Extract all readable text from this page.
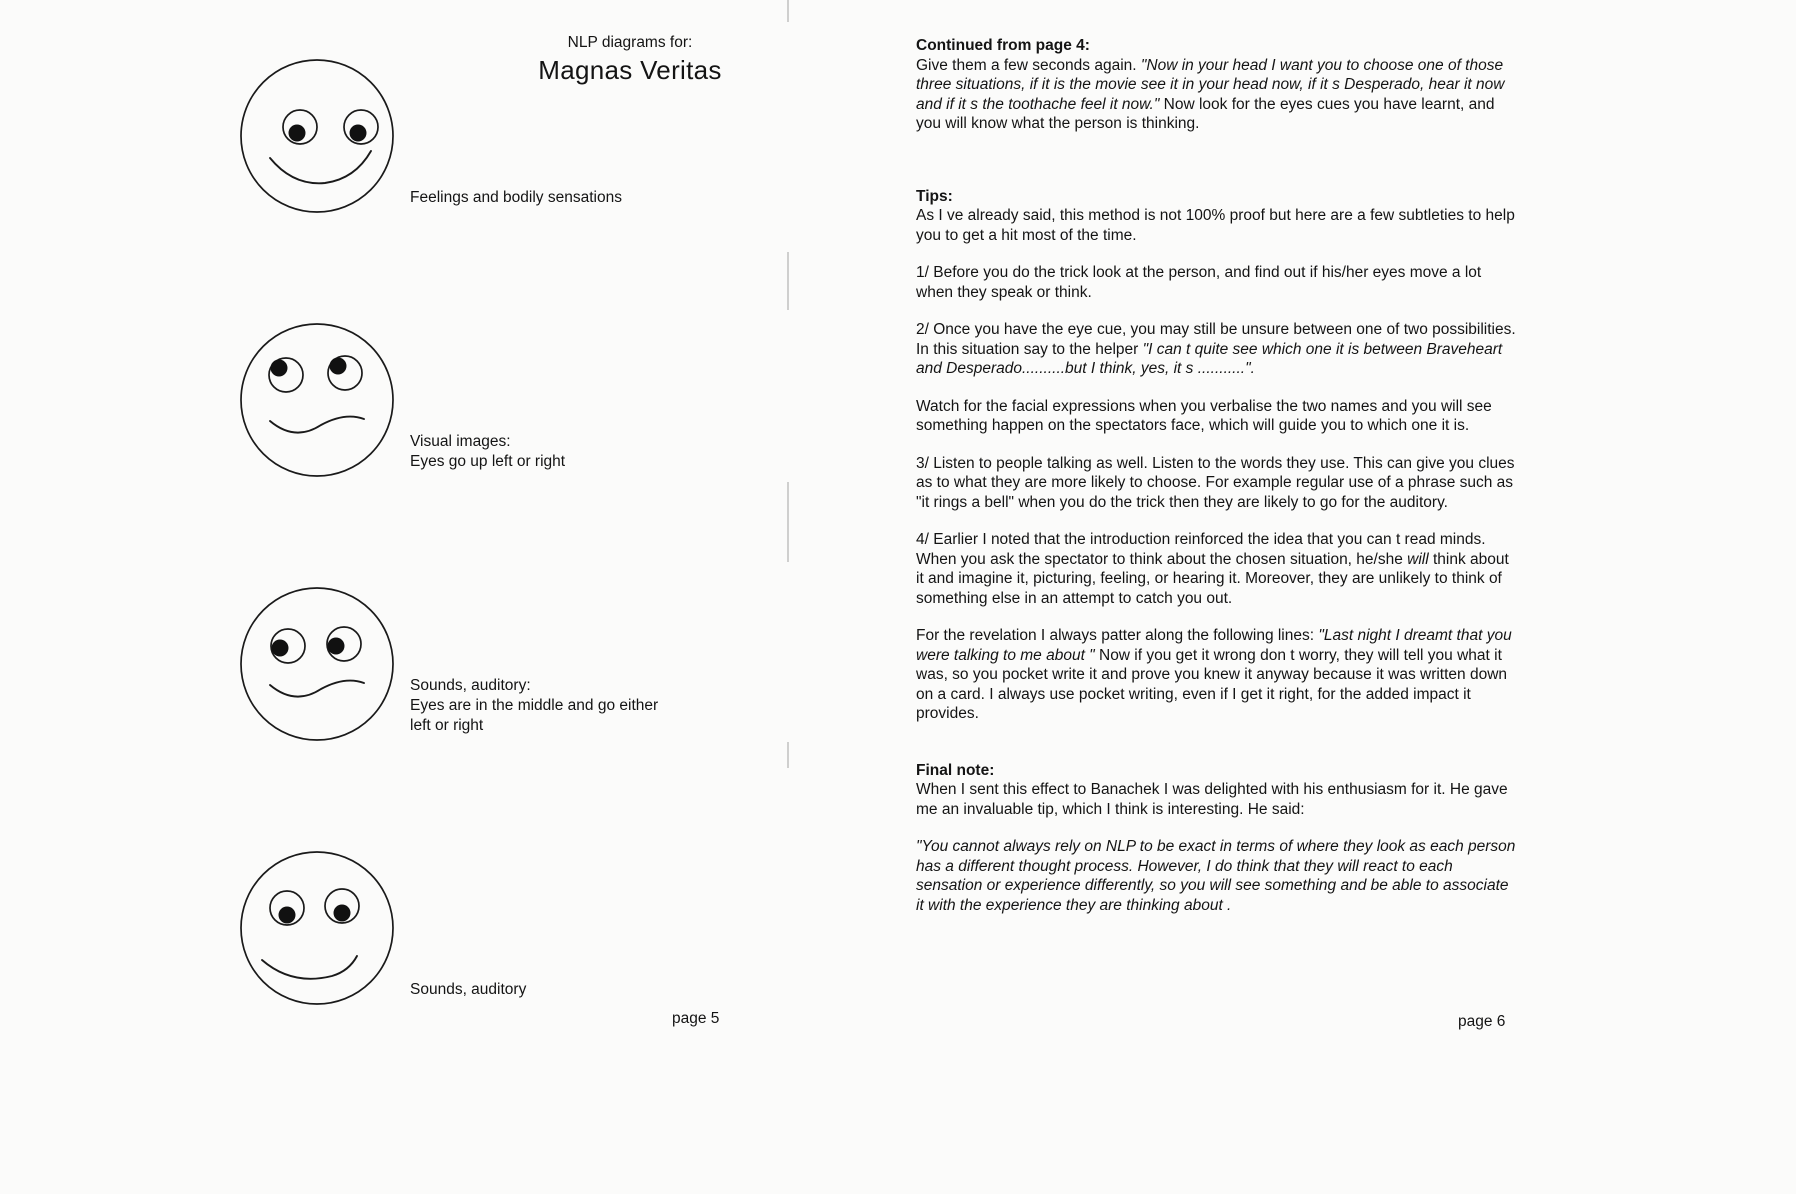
NLP diagrams for:
Magnas Veritas
Feelings and bodily sensations
Visual images:
Eyes go up left or right
Sounds, auditory:
Eyes are in the middle and go either
left or right
Sounds, auditory
page 5

Continued from page 4:

Give them a few seconds again. "Now in your head I want you to choose one of those three situations, if it is the movie see it in your head now, if it s Desperado, hear it now and if it s the toothache feel it now." Now look for the eyes cues you have learnt, and you will know what the person is thinking.

Tips:

As I ve already said, this method is not 100% proof but here are a few subtleties to help you to get a hit most of the time.

1/ Before you do the trick look at the person, and find out if his/her eyes move a lot when they speak or think.

2/ Once you have the eye cue, you may still be unsure between one of two possibilities. In this situation say to the helper "I can t quite see which one it is between Braveheart and Desperado..........but I think, yes, it s ...........".

Watch for the facial expressions when you verbalise the two names and you will see something happen on the spectators face, which will guide you to which one it is.

3/ Listen to people talking as well. Listen to the words they use. This can give you clues as to what they are more likely to choose. For example regular use of a phrase such as "it rings a bell" when you do the trick then they are likely to go for the auditory.

4/ Earlier I noted that the introduction reinforced the idea that you can t read minds. When you ask the spectator to think about the chosen situation, he/she will think about it and imagine it, picturing, feeling, or hearing it. Moreover, they are unlikely to think of something else in an attempt to catch you out.

For the revelation I always patter along the following lines: "Last night I dreamt that you were talking to me about " Now if you get it wrong don t worry, they will tell you what it was, so you pocket write it and prove you knew it anyway because it was written down on a card. I always use pocket writing, even if I get it right, for the added impact it provides.

Final note:

When I sent this effect to Banachek I was delighted with his enthusiasm for it. He gave me an invaluable tip, which I think is interesting. He said:

"You cannot always rely on NLP to be exact in terms of where they look as each person has a different thought process. However, I do think that they will react to each sensation or experience differently, so you will see something and be able to associate it with the experience they are thinking about .

page 6
